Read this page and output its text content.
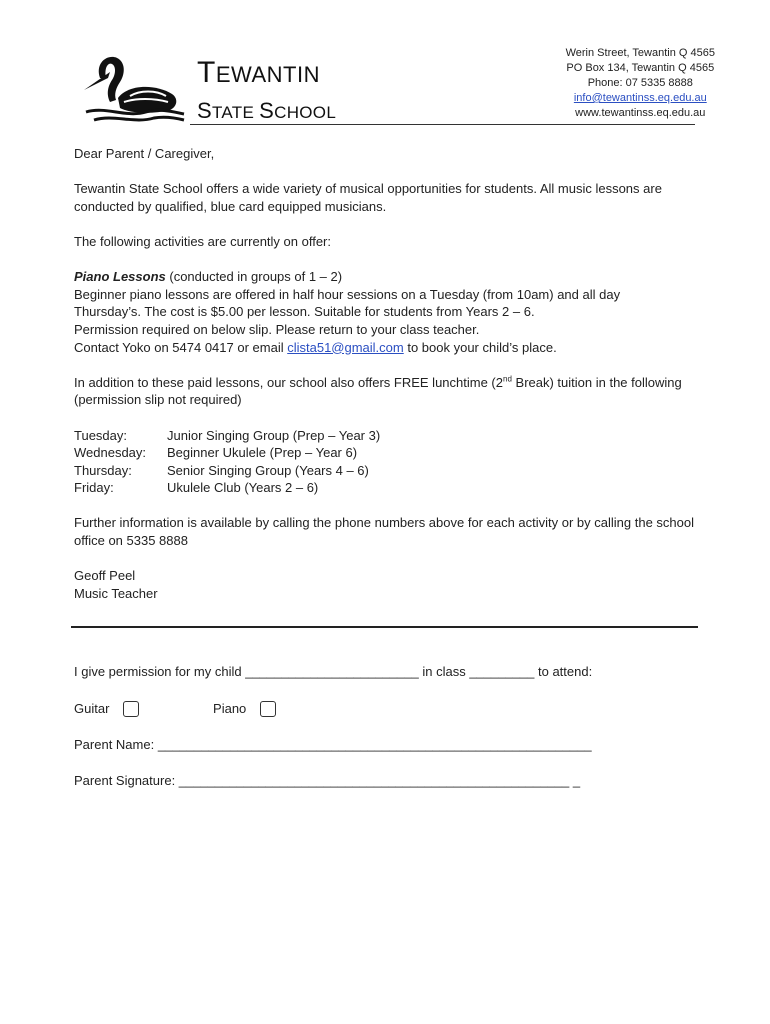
TEWANTIN
STATE SCHOOL
Werin Street, Tewantin Q 4565
PO Box 134, Tewantin Q 4565
Phone: 07 5335 8888
info@tewantinss.eq.edu.au
www.tewantinss.eq.edu.au

Dear Parent / Caregiver,

Tewantin State School offers a wide variety of musical opportunities for students. All music lessons are conducted by qualified, blue card equipped musicians.

The following activities are currently on offer:

Piano Lessons (conducted in groups of 1 – 2)

Beginner piano lessons are offered in half hour sessions on a Tuesday (from 10am) and all day

Thursday’s. The cost is $5.00 per lesson. Suitable for students from Years 2 – 6.

Permission required on below slip. Please return to your class teacher.

Contact Yoko on 5474 0417 or email clista51@gmail.com to book your child’s place.

In addition to these paid lessons, our school also offers FREE lunchtime (2nd Break) tuition in the following (permission slip not required)

Tuesday:	Junior Singing Group (Prep – Year 3)
Wednesday:	Beginner Ukulele (Prep – Year 6)
Thursday:	Senior Singing Group (Years 4 – 6)
Friday:	Ukulele Club (Years 2 – 6)

Further information is available by calling the phone numbers above for each activity or by calling the school office on 5335 8888

Geoff Peel

Music Teacher

I give permission for my child ________________________ in class _________ to attend:
Guitar	Piano
Parent Name: ____________________________________________________________
Parent Signature: ______________________________________________________ _
